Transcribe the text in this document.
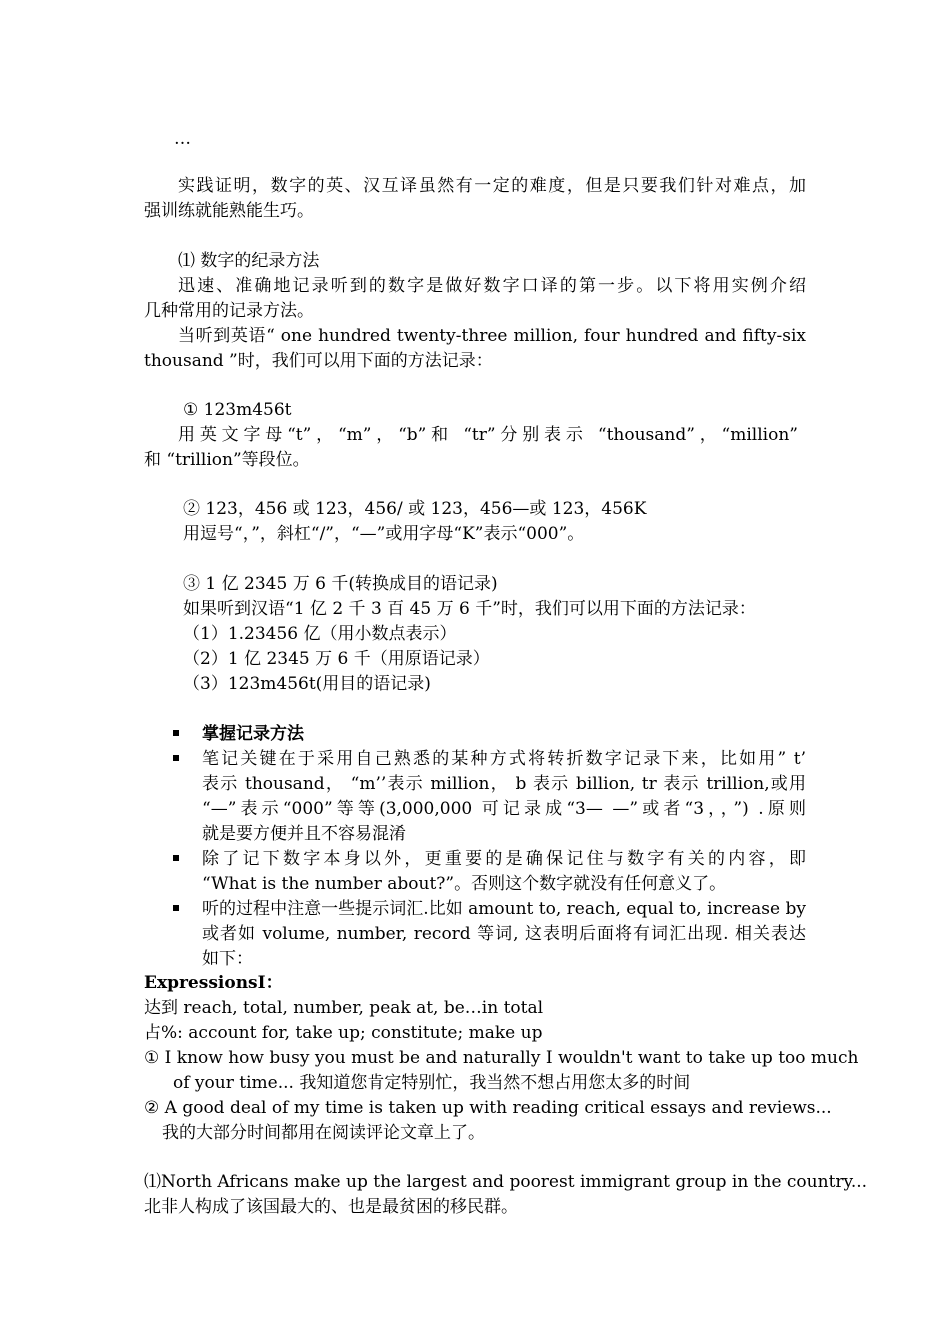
…
实践证明，数字的英、汉互译虽然有一定的难度，但是只要我们针对难点，加
强训练就能熟能生巧。
⑴ 数字的纪录方法
迅速、准确地记录听到的数字是做好数字口译的第一步。以下将用实例介绍
几种常用的记录方法。
当听到英语“ one hundred twenty-three million, four hundred and fifty-six
thousand ”时，我们可以用下面的方法记录：
① 123m456t
用英文字母“t”，“m”，“b”和 “tr”分别表示 “thousand”，“million”
和 “trillion”等段位。
② 123，456 或 123，456/ 或 123，456—或 123，456K
用逗号“，”，斜杠“/”，“—”或用字母“K”表示“000”。
③ 1 亿 2345 万 6 千(转换成目的语记录)
如果听到汉语“1 亿 2 千 3 百 45 万 6 千”时，我们可以用下面的方法记录：
（1）1.23456 亿（用小数点表示）
（2）1 亿 2345 万 6 千（用原语记录）
（3）123m456t(用目的语记录)
掌握记录方法
笔记关键在于采用自己熟悉的某种方式将转折数字记录下来，比如用” t’
表示 thousand， “m’’表示 million， b 表示 billion, tr 表示 trillion,或用
“—”表示“000”等等(3,000,000 可记录成“3— —”或者“3，，”) .原则
就是要方便并且不容易混淆
除了记下数字本身以外，更重要的是确保记住与数字有关的内容，即
“What is the number about?”。否则这个数字就没有任何意义了。
听的过程中注意一些提示词汇.比如 amount to, reach, equal to, increase by
或者如 volume, number, record 等词, 这表明后面将有词汇出现. 相关表达
如下：
ExpressionsⅠ：
达到 reach, total, number, peak at, be…in total
占%: account for, take up; constitute; make up
① I know how busy you must be and naturally I wouldn't want to take up too much
of your time... 我知道您肯定特别忙，我当然不想占用您太多的时间
② A good deal of my time is taken up with reading critical essays and reviews...
我的大部分时间都用在阅读评论文章上了。
⑴North Africans make up the largest and poorest immigrant group in the country...
北非人构成了该国最大的、也是最贫困的移民群。
